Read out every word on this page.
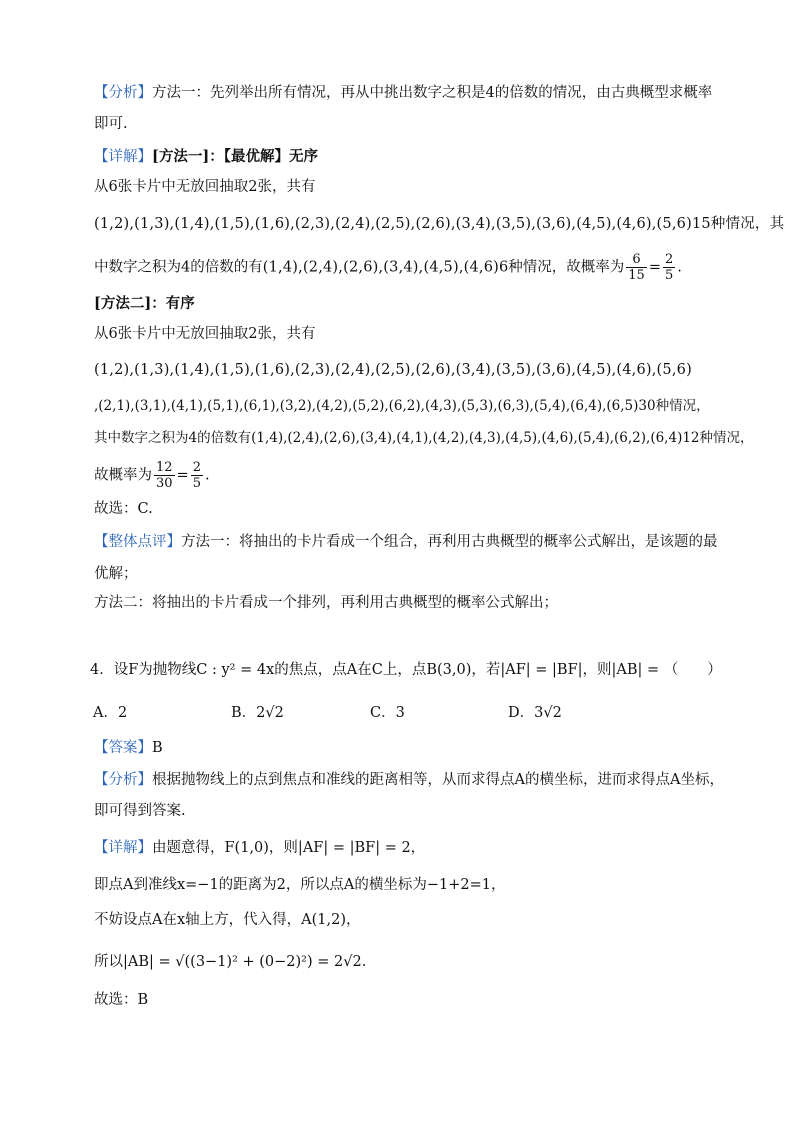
【分析】方法一：先列举出所有情况，再从中挑出数字之积是4的倍数的情况，由古典概型求概率
即可.
【详解】[方法一]：【最优解】无序
从6张卡片中无放回抽取2张，共有
(1,2),(1,3),(1,4),(1,5),(1,6),(2,3),(2,4),(2,5),(2,6),(3,4),(3,5),(3,6),(4,5),(4,6),(5,6)15种情况，其
中数字之积为4的倍数的有(1,4),(2,4),(2,6),(3,4),(4,5),(4,6)6种情况，故概率为 $\frac{6}{15} = \frac{2}{5}$ .
[方法二]：有序
从6张卡片中无放回抽取2张，共有
(1,2),(1,3),(1,4),(1,5),(1,6),(2,3),(2,4),(2,5),(2,6),(3,4),(3,5),(3,6),(4,5),(4,6),(5,6)
,(2,1),(3,1),(4,1),(5,1),(6,1),(3,2),(4,2),(5,2),(6,2),(4,3),(5,3),(6,3),(5,4),(6,4),(6,5)30种情况，
其中数字之积为4的倍数有(1,4),(2,4),(2,6),(3,4),(4,1),(4,2),(4,3),(4,5),(4,6),(5,4),(6,2),(6,4)12种情况，
故概率为 $\frac{12}{30} = \frac{2}{5}$ .
故选：C.
【整体点评】方法一：将抽出的卡片看成一个组合，再利用古典概型的概率公式解出，是该题的最
优解；
方法二：将抽出的卡片看成一个排列，再利用古典概型的概率公式解出；
4．设F为抛物线C : y² = 4x的焦点，点A在C上，点B(3,0)，若|AF| = |BF|，则|AB| = （　　）
A．2	B．2√2	C．3	D．3√2
【答案】B
【分析】根据抛物线上的点到焦点和准线的距离相等，从而求得点A的横坐标，进而求得点A坐标，
即可得到答案.
【详解】由题意得，F(1,0)，则|AF| = |BF| = 2，
即点A到准线x=−1的距离为2，所以点A的横坐标为−1+2=1，
不妨设点A在x轴上方，代入得，A(1,2)，
所以|AB| = √((3−1)² + (0−2)²) = 2√2.
故选：B
